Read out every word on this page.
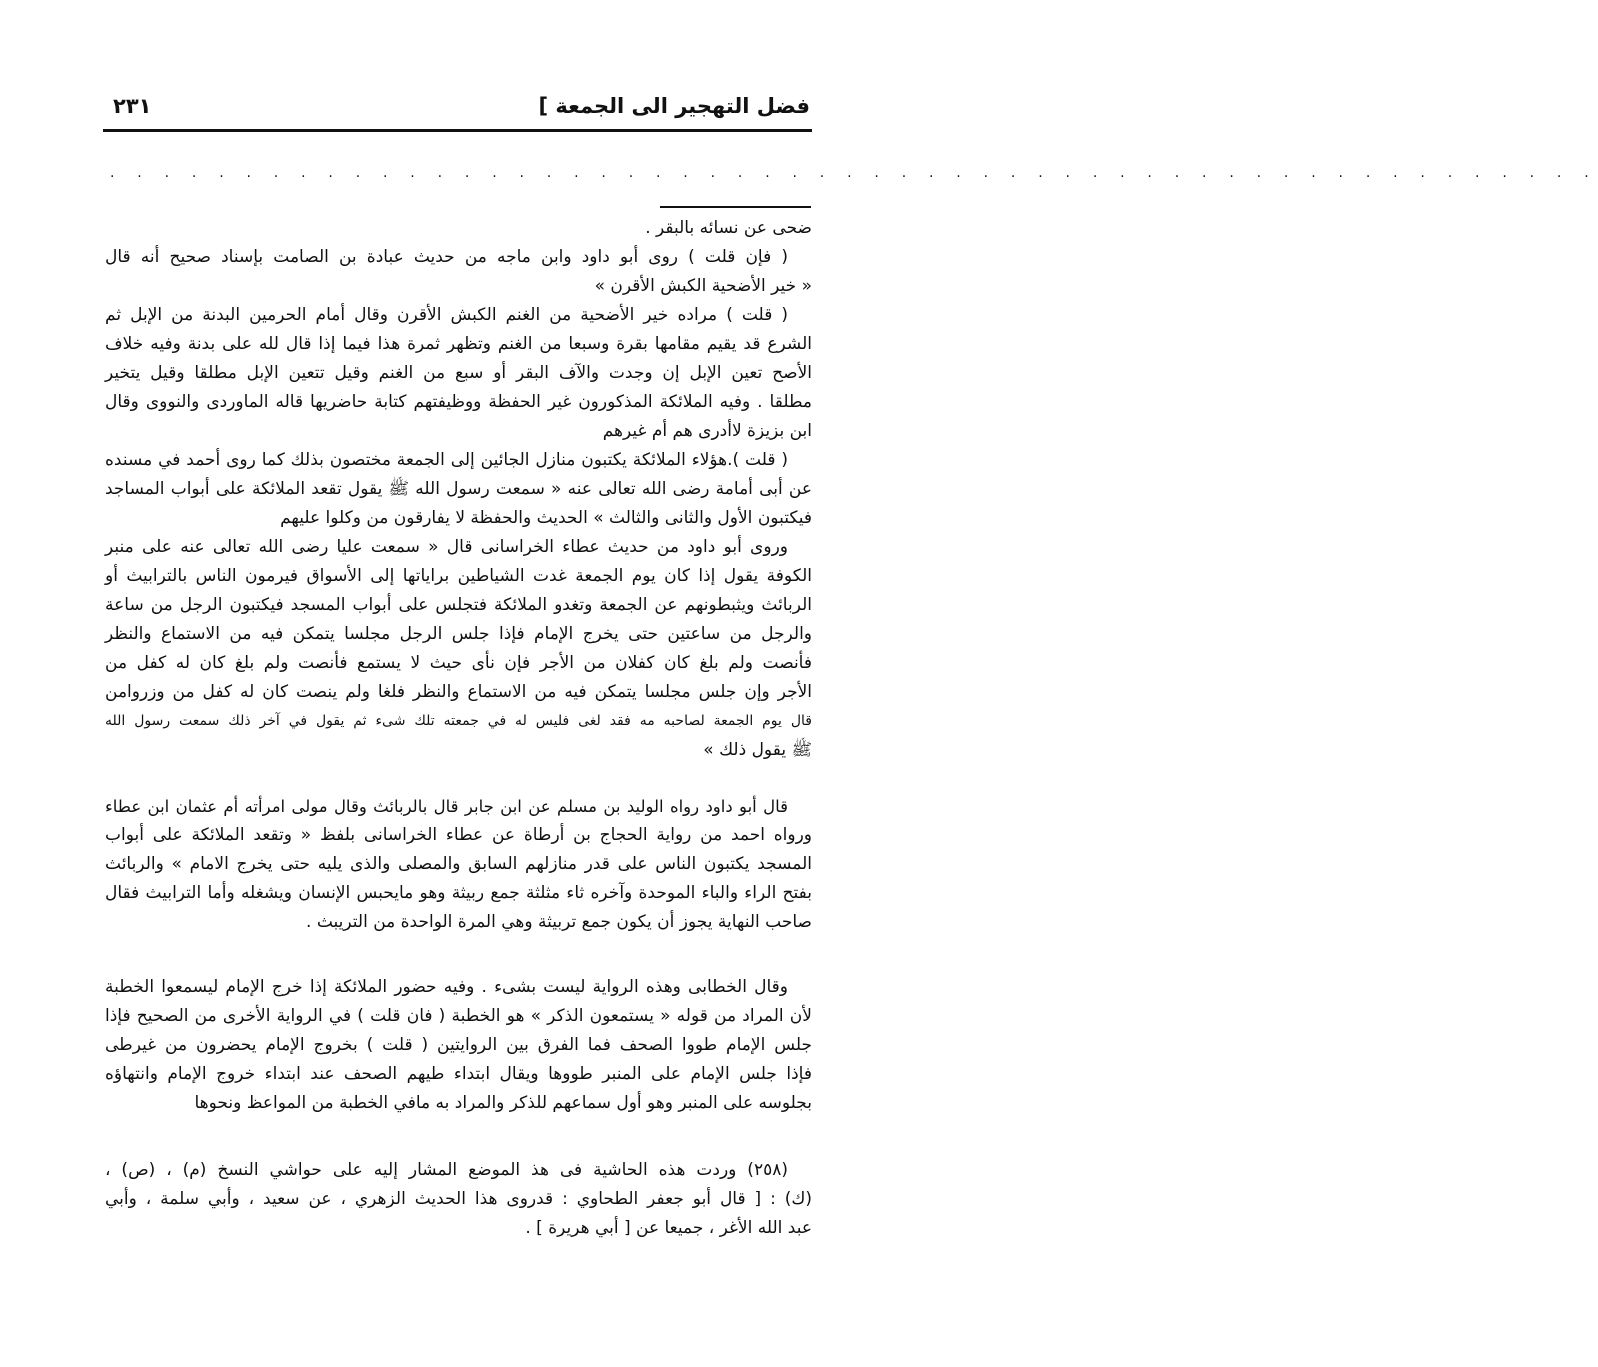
فضل التهجير الى الجمعة ]
٢٣١
. . . . . . . . . . . . . . . . . . . . . . . . . . . . . . . . . . . . . . . . . . . . . . . . . . . . . . .
ضحى عن نسائه بالبقر .
( فإن قلت ) روى أبو داود وابن ماجه من حديث عبادة بن الصامت بإسناد صحيح أنه قال
« خير الأضحية الكبش الأقرن »
( قلت ) مراده خير الأضحية من الغنم الكبش الأقرن وقال أمام الحرمين البدنة من الإبل ثم
الشرع قد يقيم مقامها بقرة وسبعا من الغنم وتظهر ثمرة هذا فيما إذا قال لله على بدنة وفيه خلاف
الأصح تعين الإبل إن وجدت والآف البقر أو سبع من الغنم وقيل تتعين الإبل مطلقا وقيل يتخير
مطلقا . وفيه الملائكة المذكورون غير الحفظة ووظيفتهم كتابة حاضريها قاله الماوردى والنووى وقال
ابن بزيزة لاأدرى هم أم غيرهم
( قلت ).هؤلاء الملائكة يكتبون منازل الجائين إلى الجمعة مختصون بذلك كما روى أحمد في مسنده
عن أبى أمامة رضى الله تعالى عنه « سمعت رسول الله ﷺ يقول تقعد الملائكة على أبواب المساجد
فيكتبون الأول والثانى والثالث » الحديث والحفظة لا يفارقون من وكلوا عليهم
وروى أبو داود من حديث عطاء الخراسانى قال « سمعت عليا رضى الله تعالى عنه على منبر
الكوفة يقول إذا كان يوم الجمعة غدت الشياطين براياتها إلى الأسواق فيرمون الناس بالترابيث أو
الربائث ويثبطونهم عن الجمعة وتغدو الملائكة فتجلس على أبواب المسجد فيكتبون الرجل من ساعة
والرجل من ساعتين حتى يخرج الإمام فإذا جلس الرجل مجلسا يتمكن فيه من الاستماع والنظر
فأنصت ولم بلغ كان كفلان من الأجر فإن نأى حيث لا يستمع فأنصت ولم بلغ كان له كفل من
الأجر وإن جلس مجلسا يتمكن فيه من الاستماع والنظر فلغا ولم ينصت كان له كفل من وزروامن
قال يوم الجمعة لصاحبه مه فقد لغى فليس له في جمعته تلك شىء ثم يقول في آخر ذلك سمعت رسول الله
ﷺ يقول ذلك »
قال أبو داود رواه الوليد بن مسلم عن ابن جابر قال بالربائث وقال مولى امرأته أم عثمان ابن عطاء
ورواه احمد من رواية الحجاج بن أرطاة عن عطاء الخراسانى بلفظ « وتقعد الملائكة على أبواب
المسجد يكتبون الناس على قدر منازلهم السابق والمصلى والذى يليه حتى يخرج الامام » والربائث
بفتح الراء والباء الموحدة وآخره ثاء مثلثة جمع ربيثة وهو مايحبس الإنسان ويشغله وأما الترابيث فقال
صاحب النهاية يجوز أن يكون جمع تربيثة وهي المرة الواحدة من التريبث .
وقال الخطابى وهذه الرواية ليست بشىء . وفيه حضور الملائكة إذا خرج الإمام ليسمعوا الخطبة
لأن المراد من قوله « يستمعون الذكر » هو الخطبة ( فان قلت ) في الرواية الأخرى من الصحيح فإذا
جلس الإمام طووا الصحف فما الفرق بين الروايتين ( قلت ) بخروج الإمام يحضرون من غيرطى
فإذا جلس الإمام على المنبر طووها ويقال ابتداء طيهم الصحف عند ابتداء خروج الإمام وانتهاؤه
بجلوسه على المنبر وهو أول سماعهم للذكر والمراد به مافي الخطبة من المواعظ ونحوها
(٢٥٨) وردت هذه الحاشية فى هذ الموضع المشار إليه على حواشي النسخ (م) ، (ص) ،
(ك) : [ قال أبو جعفر الطحاوي : قدروى هذا الحديث الزهري ، عن سعيد ، وأبي سلمة ، وأبي
عبد الله الأغر ، جميعا عن [ أبي هريرة ] .
